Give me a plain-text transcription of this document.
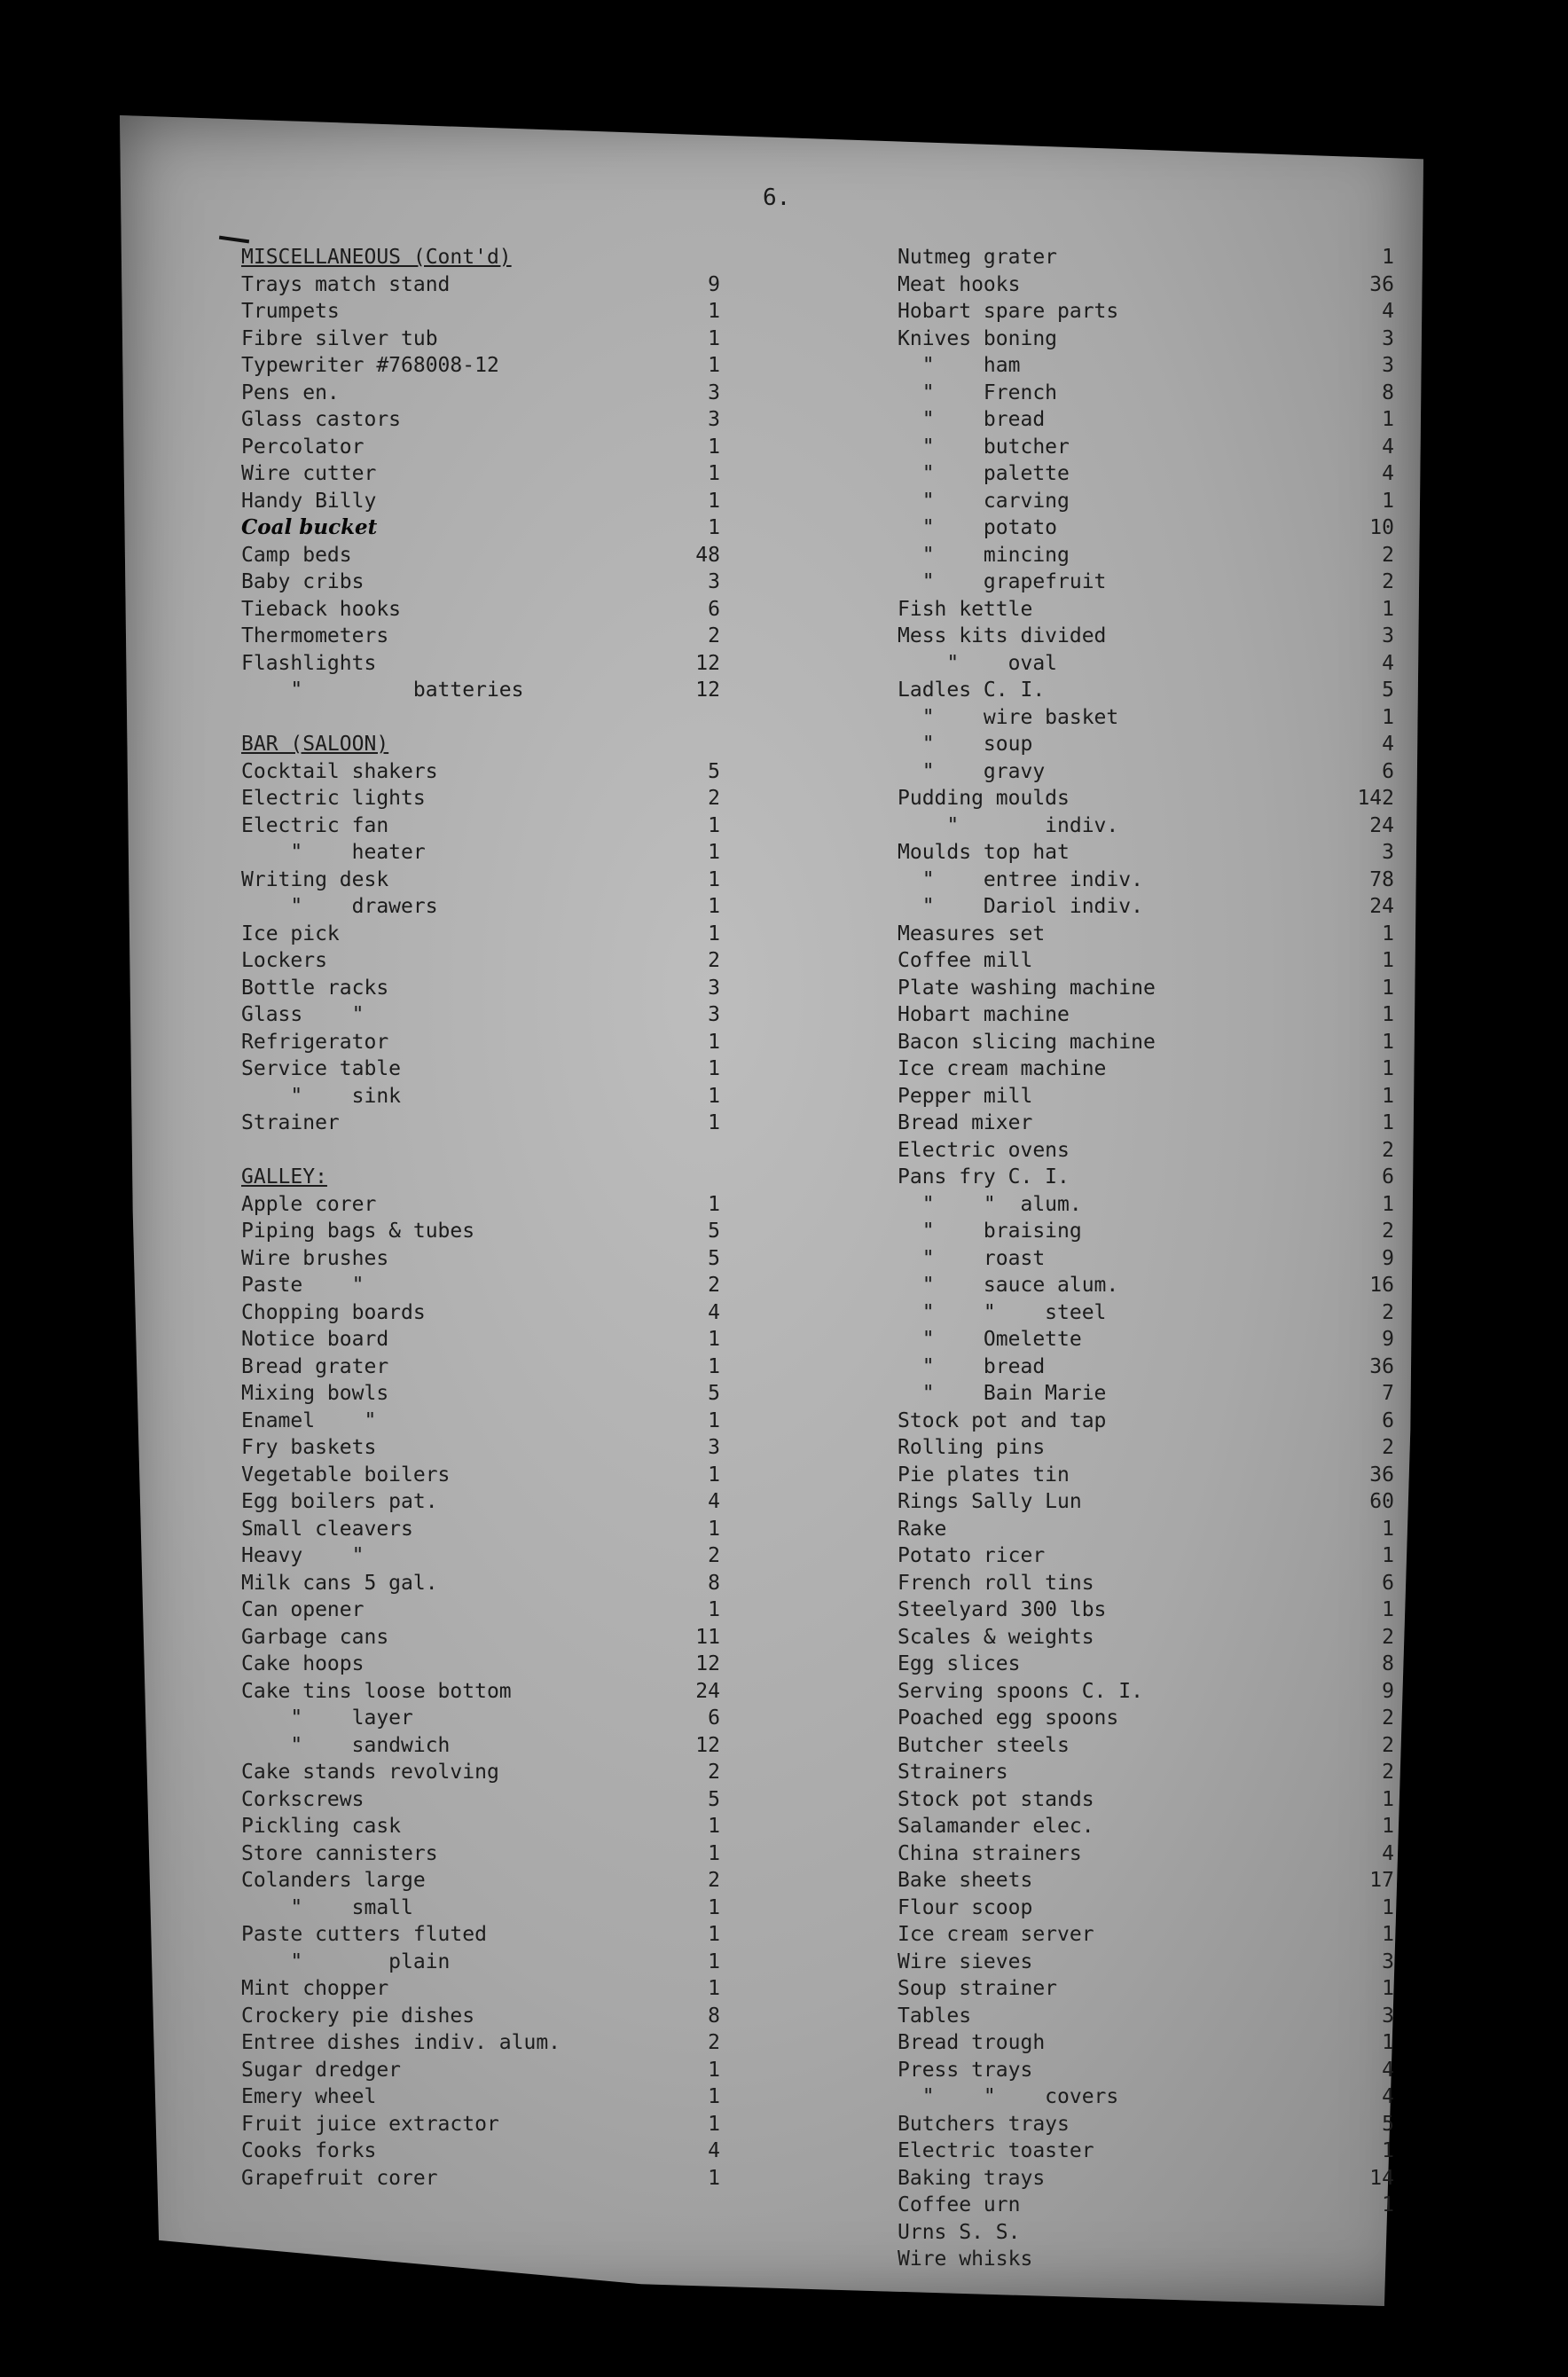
6.
MISCELLANEOUS (Cont'd)
Trays match stand	9
Trumpets	1
Fibre silver tub	1
Typewriter #768008-12	1
Pens en.	3
Glass castors	3
Percolator	1
Wire cutter	1
Handy Billy	1
Coal bucket	1
Camp beds	48
Baby cribs	3
Tieback hooks	6
Thermometers	2
Flashlights	12
"         batteries	12
BAR (SALOON)
Cocktail shakers	5
Electric lights	2
Electric fan	1
"    heater	1
Writing desk	1
"    drawers	1
Ice pick	1
Lockers	2
Bottle racks	3
Glass    "	3
Refrigerator	1
Service table	1
"    sink	1
Strainer	1
GALLEY:
Apple corer	1
Piping bags & tubes	5
Wire brushes	5
Paste    "	2
Chopping boards	4
Notice board	1
Bread grater	1
Mixing bowls	5
Enamel    "	1
Fry baskets	3
Vegetable boilers	1
Egg boilers pat.	4
Small cleavers	1
Heavy    "	2
Milk cans 5 gal.	8
Can opener	1
Garbage cans	11
Cake hoops	12
Cake tins loose bottom	24
"    layer	6
"    sandwich	12
Cake stands revolving	2
Corkscrews	5
Pickling cask	1
Store cannisters	1
Colanders large	2
"    small	1
Paste cutters fluted	1
"       plain	1
Mint chopper	1
Crockery pie dishes	8
Entree dishes indiv. alum.	2
Sugar dredger	1
Emery wheel	1
Fruit juice extractor	1
Cooks forks	4
Grapefruit corer	1
Nutmeg grater	1
Meat hooks	36
Hobart spare parts	4
Knives boning	3
"    ham	3
"    French	8
"    bread	1
"    butcher	4
"    palette	4
"    carving	1
"    potato	10
"    mincing	2
"    grapefruit	2
Fish kettle	1
Mess kits divided	3
"    oval	4
Ladles C. I.	5
"    wire basket	1
"    soup	4
"    gravy	6
Pudding moulds	142
"       indiv.	24
Moulds top hat	3
"    entree indiv.	78
"    Dariol indiv.	24
Measures set	1
Coffee mill	1
Plate washing machine	1
Hobart machine	1
Bacon slicing machine	1
Ice cream machine	1
Pepper mill	1
Bread mixer	1
Electric ovens	2
Pans fry C. I.	6
"    "  alum.	1
"    braising	2
"    roast	9
"    sauce alum.	16
"    "    steel	2
"    Omelette	9
"    bread	36
"    Bain Marie	7
Stock pot and tap	6
Rolling pins	2
Pie plates tin	36
Rings Sally Lun	60
Rake	1
Potato ricer	1
French roll tins	6
Steelyard 300 lbs	1
Scales & weights	2
Egg slices	8
Serving spoons C. I.	9
Poached egg spoons	2
Butcher steels	2
Strainers	2
Stock pot stands	1
Salamander elec.	1
China strainers	4
Bake sheets	17
Flour scoop	1
Ice cream server	1
Wire sieves	3
Soup strainer	1
Tables	3
Bread trough	1
Press trays	4
"    "    covers	4
Butchers trays	5
Electric toaster	1
Baking trays	14
Coffee urn	1
Urns S. S.
Wire whisks
